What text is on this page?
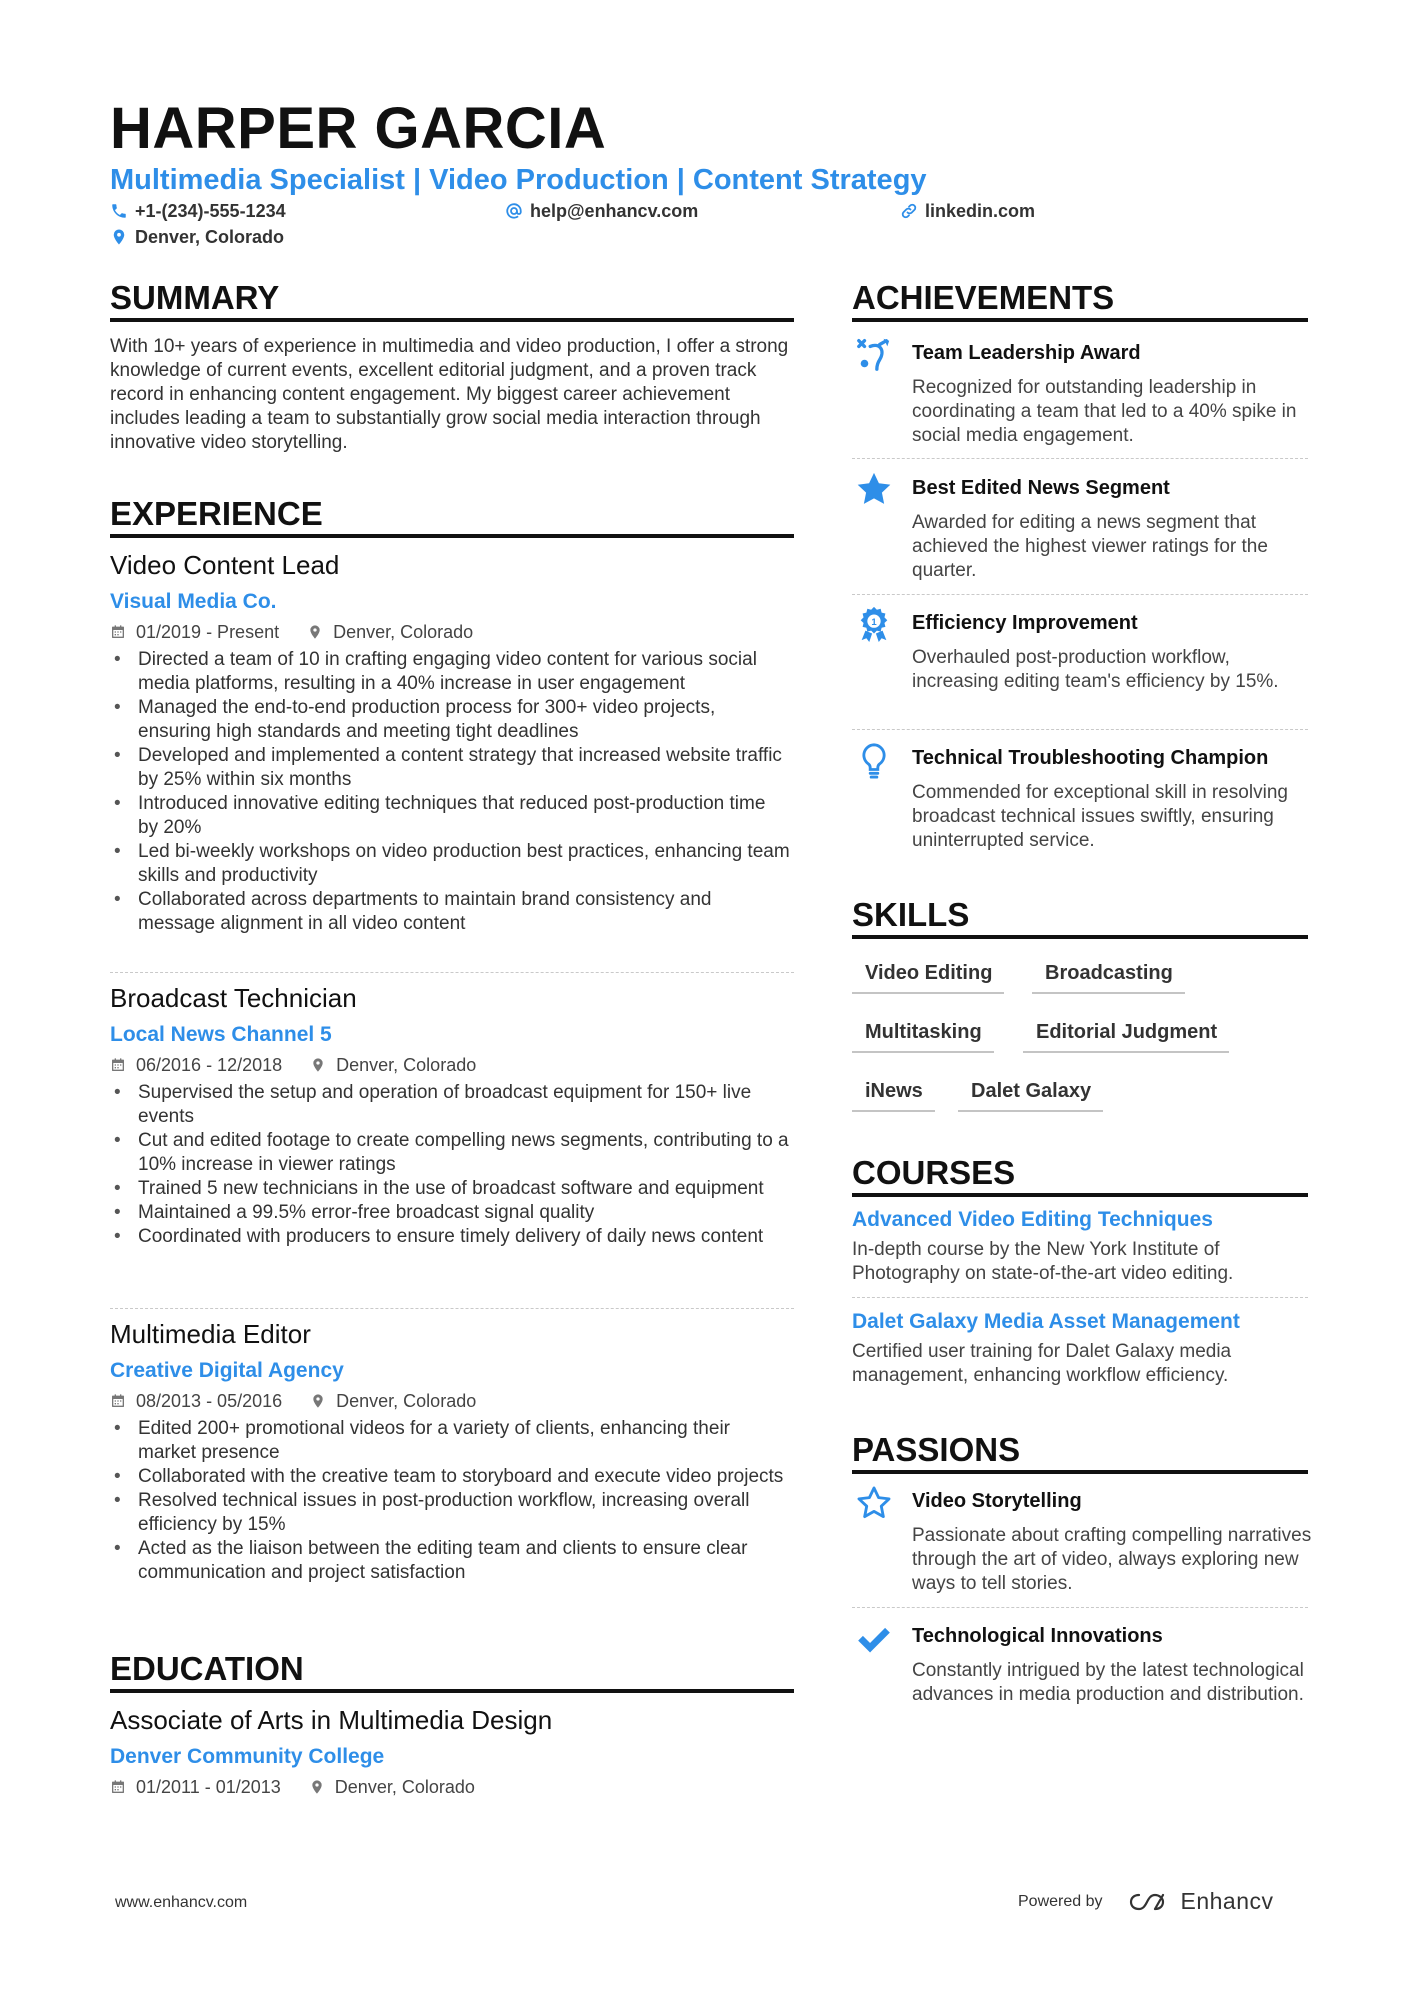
HARPER GARCIA
Multimedia Specialist | Video Production | Content Strategy
+1-(234)-555-1234	help@enhancv.com	linkedin.com
Denver, Colorado
SUMMARY
With 10+ years of experience in multimedia and video production, I offer a strong knowledge of current events, excellent editorial judgment, and a proven track record in enhancing content engagement. My biggest career achievement includes leading a team to substantially grow social media interaction through innovative video storytelling.
EXPERIENCE
Video Content Lead
Visual Media Co.
01/2019 - Present	Denver, Colorado
• Directed a team of 10 in crafting engaging video content for various social media platforms, resulting in a 40% increase in user engagement
• Managed the end-to-end production process for 300+ video projects, ensuring high standards and meeting tight deadlines
• Developed and implemented a content strategy that increased website traffic by 25% within six months
• Introduced innovative editing techniques that reduced post-production time by 20%
• Led bi-weekly workshops on video production best practices, enhancing team skills and productivity
• Collaborated across departments to maintain brand consistency and message alignment in all video content
Broadcast Technician
Local News Channel 5
06/2016 - 12/2018	Denver, Colorado
• Supervised the setup and operation of broadcast equipment for 150+ live events
• Cut and edited footage to create compelling news segments, contributing to a 10% increase in viewer ratings
• Trained 5 new technicians in the use of broadcast software and equipment
• Maintained a 99.5% error-free broadcast signal quality
• Coordinated with producers to ensure timely delivery of daily news content
Multimedia Editor
Creative Digital Agency
08/2013 - 05/2016	Denver, Colorado
• Edited 200+ promotional videos for a variety of clients, enhancing their market presence
• Collaborated with the creative team to storyboard and execute video projects
• Resolved technical issues in post-production workflow, increasing overall efficiency by 15%
• Acted as the liaison between the editing team and clients to ensure clear communication and project satisfaction
EDUCATION
Associate of Arts in Multimedia Design
Denver Community College
01/2011 - 01/2013	Denver, Colorado
ACHIEVEMENTS
Team Leadership Award
Recognized for outstanding leadership in coordinating a team that led to a 40% spike in social media engagement.
Best Edited News Segment
Awarded for editing a news segment that achieved the highest viewer ratings for the quarter.
1 Efficiency Improvement
Overhauled post-production workflow, increasing editing team's efficiency by 15%.
Technical Troubleshooting Champion
Commended for exceptional skill in resolving broadcast technical issues swiftly, ensuring uninterrupted service.
SKILLS
Video Editing	Broadcasting
Multitasking	Editorial Judgment
iNews	Dalet Galaxy
COURSES
Advanced Video Editing Techniques
In-depth course by the New York Institute of Photography on state-of-the-art video editing.
Dalet Galaxy Media Asset Management
Certified user training for Dalet Galaxy media management, enhancing workflow efficiency.
PASSIONS
Video Storytelling
Passionate about crafting compelling narratives through the art of video, always exploring new ways to tell stories.
Technological Innovations
Constantly intrigued by the latest technological advances in media production and distribution.
www.enhancv.com	Powered by	Enhancv
